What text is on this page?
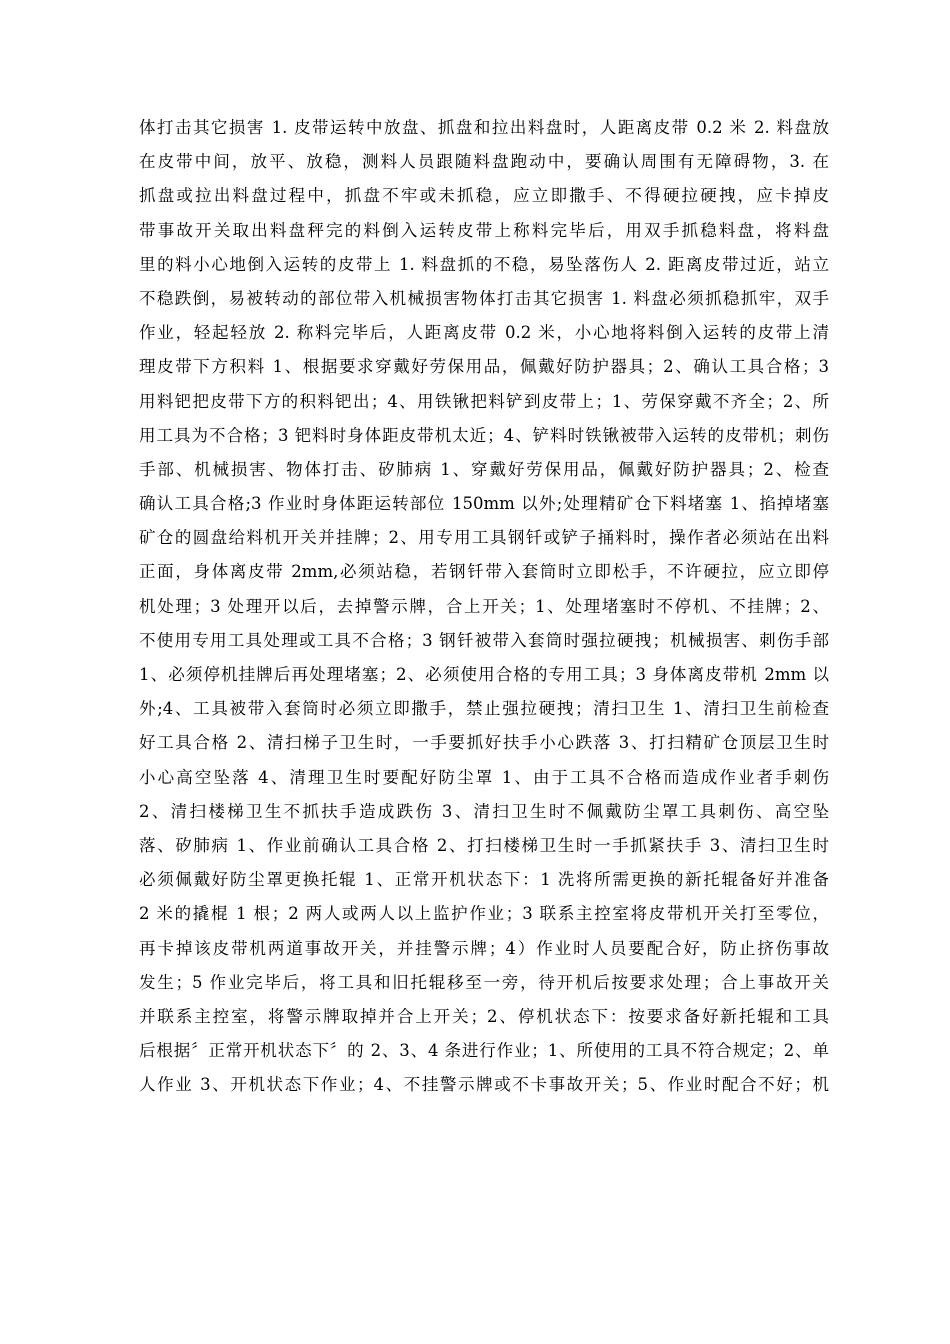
体打击其它损害 1. 皮带运转中放盘、抓盘和拉出料盘时，人距离皮带 0.2 米 2. 料盘放
在皮带中间，放平、放稳，测料人员跟随料盘跑动中，要确认周围有无障碍物，3. 在
抓盘或拉出料盘过程中，抓盘不牢或未抓稳，应立即撒手、不得硬拉硬拽，应卡掉皮
带事故开关取出料盘秤完的料倒入运转皮带上称料完毕后，用双手抓稳料盘，将料盘
里的料小心地倒入运转的皮带上 1. 料盘抓的不稳，易坠落伤人 2. 距离皮带过近，站立
不稳跌倒，易被转动的部位带入机械损害物体打击其它损害 1. 料盘必须抓稳抓牢，双手
作业，轻起轻放 2. 称料完毕后，人距离皮带 0.2 米，小心地将料倒入运转的皮带上清
理皮带下方积料 1、根据要求穿戴好劳保用品，佩戴好防护器具；2、确认工具合格；3
用料钯把皮带下方的积料钯出；4、用铁锹把料铲到皮带上；1、劳保穿戴不齐全；2、所
用工具为不合格；3 钯料时身体距皮带机太近；4、铲料时铁锹被带入运转的皮带机；刺伤
手部、机械损害、物体打击、矽肺病 1、穿戴好劳保用品，佩戴好防护器具；2、检查
确认工具合格;3 作业时身体距运转部位 150mm 以外;处理精矿仓下料堵塞 1、掐掉堵塞
矿仓的圆盘给料机开关并挂牌；2、用专用工具钢钎或铲子捅料时，操作者必须站在出料
正面，身体离皮带 2mm,必须站稳，若钢钎带入套筒时立即松手，不许硬拉，应立即停
机处理；3 处理开以后，去掉警示牌，合上开关；1、处理堵塞时不停机、不挂牌；2、
不使用专用工具处理或工具不合格；3 钢钎被带入套筒时强拉硬拽；机械损害、刺伤手部
1、必须停机挂牌后再处理堵塞；2、必须使用合格的专用工具；3 身体离皮带机 2mm 以
外;4、工具被带入套筒时必须立即撒手，禁止强拉硬拽；清扫卫生 1、清扫卫生前检查
好工具合格 2、清扫梯子卫生时，一手要抓好扶手小心跌落 3、打扫精矿仓顶层卫生时
小心高空坠落 4、清理卫生时要配好防尘罩 1、由于工具不合格而造成作业者手刺伤
2、清扫楼梯卫生不抓扶手造成跌伤 3、清扫卫生时不佩戴防尘罩工具刺伤、高空坠
落、矽肺病 1、作业前确认工具合格 2、打扫楼梯卫生时一手抓紧扶手 3、清扫卫生时
必须佩戴好防尘罩更换托辊 1、正常开机状态下：1 冼将所需更换的新托辊备好并准备
2 米的撬棍 1 根；2 两人或两人以上监护作业；3 联系主控室将皮带机开关打至零位，
再卡掉该皮带机两道事故开关，并挂警示牌；4）作业时人员要配合好，防止挤伤事故
发生；5 作业完毕后，将工具和旧托辊移至一旁，待开机后按要求处理；合上事故开关
并联系主控室，将警示牌取掉并合上开关；2、停机状态下：按要求备好新托辊和工具
后根据〞正常开机状态下〞的 2、3、4 条进行作业；1、所使用的工具不符合规定；2、单
人作业 3、开机状态下作业；4、不挂警示牌或不卡事故开关；5、作业时配合不好；机
